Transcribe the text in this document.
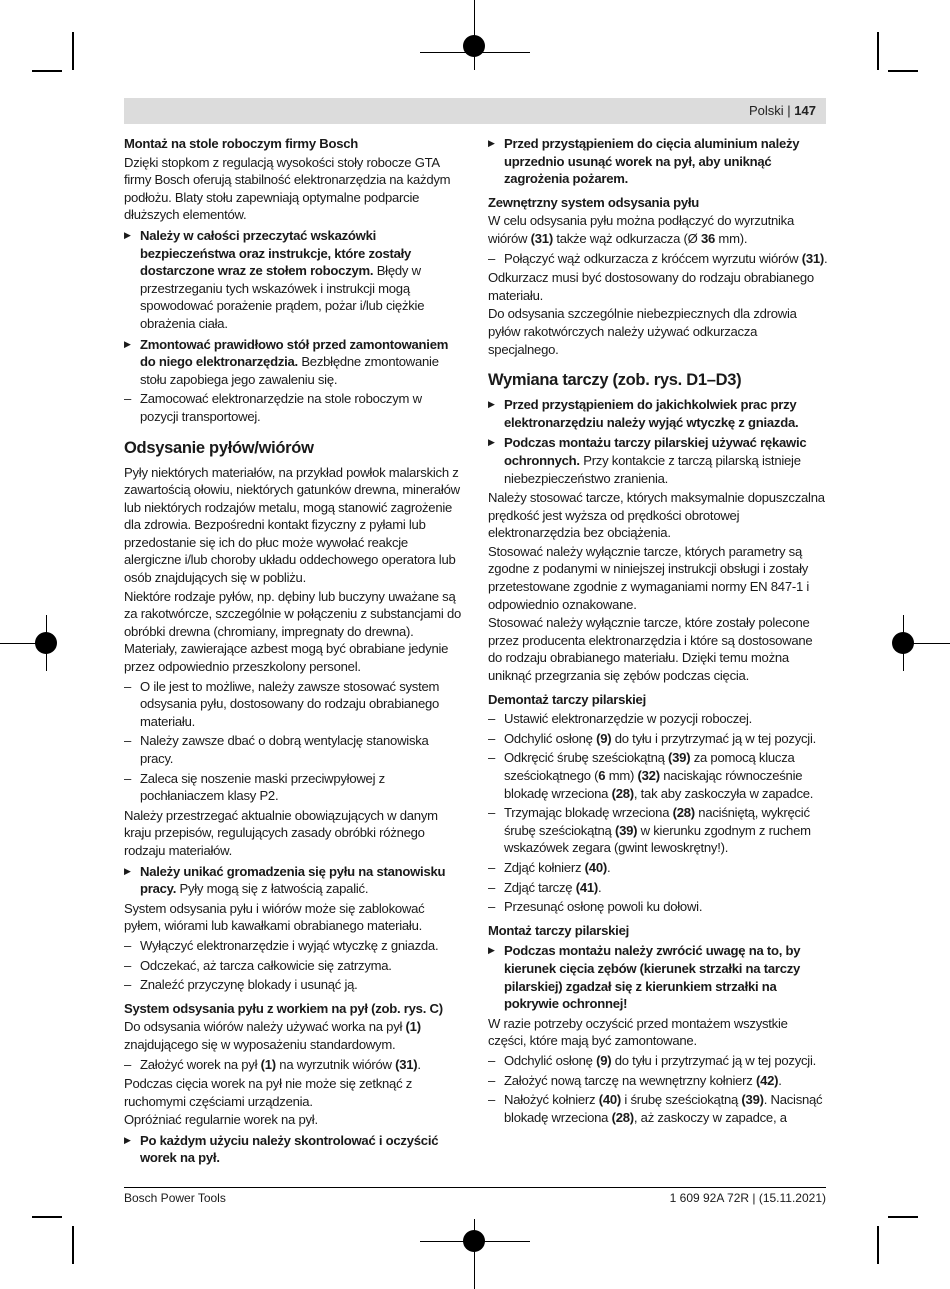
Polski | 147
Montaż na stole roboczym firmy Bosch

Dzięki stopkom z regulacją wysokości stoły robocze GTA firmy Bosch oferują stabilność elektronarzędzia na każdym podłożu. Blaty stołu zapewniają optymalne podparcie dłuższych elementów.

▶ Należy w całości przeczytać wskazówki bezpieczeństwa oraz instrukcje, które zostały dostarczone wraz ze stołem roboczym. Błędy w przestrzeganiu tych wskazówek i instrukcji mogą spowodować porażenie prądem, pożar i/lub ciężkie obrażenia ciała.
▶ Zmontować prawidłowo stół przed zamontowaniem do niego elektronarzędzia. Bezbłędne zmontowanie stołu zapobiega jego zawaleniu się.
– Zamocować elektronarzędzie na stole roboczym w pozycji transportowej.
Odsysanie pyłów/wiórów

Pyły niektórych materiałów, na przykład powłok malarskich z zawartością ołowiu, niektórych gatunków drewna, minerałów lub niektórych rodzajów metalu, mogą stanowić zagrożenie dla zdrowia. Bezpośredni kontakt fizyczny z pyłami lub przedostanie się ich do płuc może wywołać reakcje alergiczne i/lub choroby układu oddechowego operatora lub osób znajdujących się w pobliżu.

Niektóre rodzaje pyłów, np. dębiny lub buczyny uważane są za rakotwórcze, szczególnie w połączeniu z substancjami do obróbki drewna (chromiany, impregnaty do drewna). Materiały, zawierające azbest mogą być obrabiane jedynie przez odpowiednio przeszkolony personel.

– O ile jest to możliwe, należy zawsze stosować system odsysania pyłu, dostosowany do rodzaju obrabianego materiału.
– Należy zawsze dbać o dobrą wentylację stanowiska pracy.
– Zaleca się noszenie maski przeciwpyłowej z pochłaniaczem klasy P2.

Należy przestrzegać aktualnie obowiązujących w danym kraju przepisów, regulujących zasady obróbki różnego rodzaju materiałów.

▶ Należy unikać gromadzenia się pyłu na stanowisku pracy. Pyły mogą się z łatwością zapalić.

System odsysania pyłu i wiórów może się zablokować pyłem, wiórami lub kawałkami obrabianego materiału.

– Wyłączyć elektronarzędzie i wyjąć wtyczkę z gniazda.
– Odczekać, aż tarcza całkowicie się zatrzyma.
– Znaleźć przyczynę blokady i usunąć ją.
System odsysania pyłu z workiem na pył (zob. rys. C)

Do odsysania wiórów należy używać worka na pył (1) znajdującego się w wyposażeniu standardowym.

– Założyć worek na pył (1) na wyrzutnik wiórów (31).

Podczas cięcia worek na pył nie może się zetknąć z ruchomymi częściami urządzenia.

Opróżniać regularnie worek na pył.

▶ Po każdym użyciu należy skontrolować i oczyścić worek na pył.
▶ Przed przystąpieniem do cięcia aluminium należy uprzednio usunąć worek na pył, aby uniknąć zagrożenia pożarem.
Zewnętrzny system odsysania pyłu

W celu odsysania pyłu można podłączyć do wyrzutnika wiórów (31) także wąż odkurzacza (Ø 36 mm).

– Połączyć wąż odkurzacza z króćcem wyrzutu wiórów (31).

Odkurzacz musi być dostosowany do rodzaju obrabianego materiału.

Do odsysania szczególnie niebezpiecznych dla zdrowia pyłów rakotwórczych należy używać odkurzacza specjalnego.

Wymiana tarczy (zob. rys. D1–D3)
▶ Przed przystąpieniem do jakichkolwiek prac przy elektronarzędziu należy wyjąć wtyczkę z gniazda.
▶ Podczas montażu tarczy pilarskiej używać rękawic ochronnych. Przy kontakcie z tarczą pilarską istnieje niebezpieczeństwo zranienia.

Należy stosować tarcze, których maksymalnie dopuszczalna prędkość jest wyższa od prędkości obrotowej elektronarzędzia bez obciążenia.

Stosować należy wyłącznie tarcze, których parametry są zgodne z podanymi w niniejszej instrukcji obsługi i zostały przetestowane zgodnie z wymaganiami normy EN 847-1 i odpowiednio oznakowane.

Stosować należy wyłącznie tarcze, które zostały polecone przez producenta elektronarzędzia i które są dostosowane do rodzaju obrabianego materiału. Dzięki temu można uniknąć przegrzania się zębów podczas cięcia.

Demontaż tarczy pilarskiej
– Ustawić elektronarzędzie w pozycji roboczej.
– Odchylić osłonę (9) do tyłu i przytrzymać ją w tej pozycji.
– Odkręcić śrubę sześciokątną (39) za pomocą klucza sześciokątnego (6 mm) (32) naciskając równocześnie blokadę wrzeciona (28), tak aby zaskoczyła w zapadce.
– Trzymając blokadę wrzeciona (28) naciśniętą, wykręcić śrubę sześciokątną (39) w kierunku zgodnym z ruchem wskazówek zegara (gwint lewoskrętny!).
– Zdjąć kołnierz (40).
– Zdjąć tarczę (41).
– Przesunąć osłonę powoli ku dołowi.
Montaż tarczy pilarskiej
▶ Podczas montażu należy zwrócić uwagę na to, by kierunek cięcia zębów (kierunek strzałki na tarczy pilarskiej) zgadzał się z kierunkiem strzałki na pokrywie ochronnej!

W razie potrzeby oczyścić przed montażem wszystkie części, które mają być zamontowane.

– Odchylić osłonę (9) do tyłu i przytrzymać ją w tej pozycji.
– Założyć nową tarczę na wewnętrzny kołnierz (42).
– Nałożyć kołnierz (40) i śrubę sześciokątną (39). Nacisnąć blokadę wrzeciona (28), aż zaskoczy w zapadce, a
Bosch Power Tools	1 609 92A 72R | (15.11.2021)
